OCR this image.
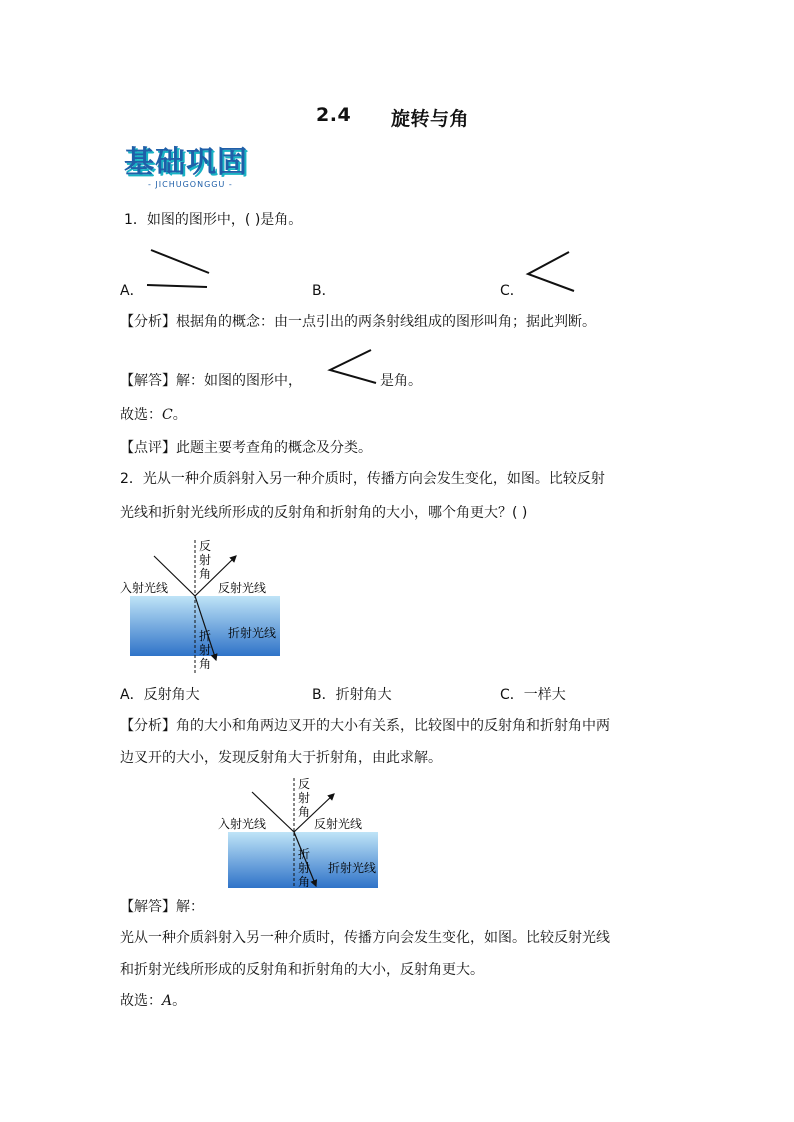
2.4 旋转与角
基础巩固
- JICHUGONGGU -
1．如图的图形中，( )是角。
A．	B．	C．
【分析】根据角的概念：由一点引出的两条射线组成的图形叫角；据此判断。
【解答】解：如图的图形中，	是角。
故选：C。
【点评】此题主要考查角的概念及分类。
2．光从一种介质斜射入另一种介质时，传播方向会发生变化，如图。比较反射
光线和折射光线所形成的反射角和折射角的大小，哪个角更大？( )
反
射
角
入射光线	反射光线
折射光线
折
射
角
A．反射角大	B．折射角大	C．一样大
【分析】角的大小和角两边叉开的大小有关系，比较图中的反射角和折射角中两
边叉开的大小，发现反射角大于折射角，由此求解。
反
射
角
入射光线	反射光线
折射光线
折
射
角
【解答】解：
光从一种介质斜射入另一种介质时，传播方向会发生变化，如图。比较反射光线
和折射光线所形成的反射角和折射角的大小，反射角更大。
故选：A。
